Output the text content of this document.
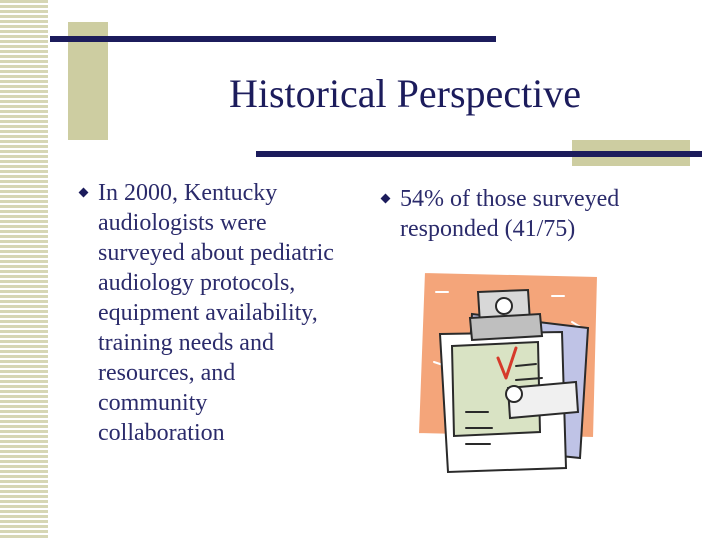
Historical Perspective
In 2000, Kentucky audiologists were surveyed about pediatric audiology protocols, equipment availability, training needs and resources, and community collaboration
54% of those surveyed responded (41/75)
